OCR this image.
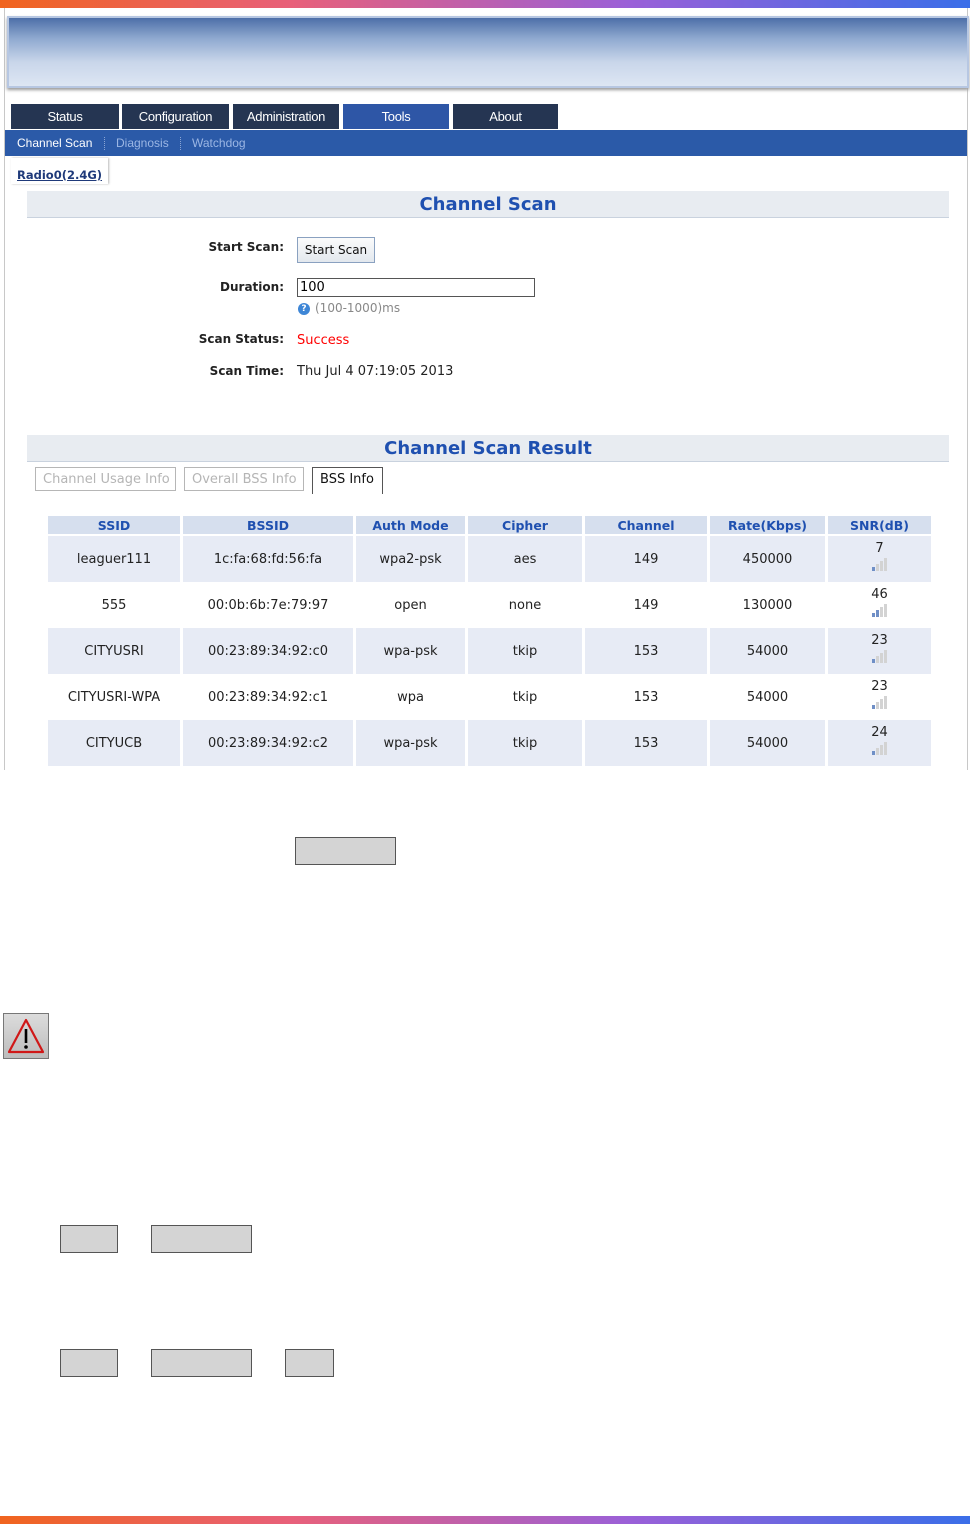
Status	Configuration	Administration	Tools	About
Channel Scan Diagnosis Watchdog
Radio0(2.4G)
Channel Scan
Start Scan:	Start Scan
Duration:
100
? (100-1000)ms
Scan Status: Success
Scan Time: Thu Jul 4 07:19:05 2013
Channel Scan Result
Channel Usage Info	Overall BSS Info	BSS Info
SSID	BSSID	Auth Mode	Cipher	Channel	Rate(Kbps)	SNR(dB)
leaguer111	1c:fa:68:fd:56:fa	wpa2-psk	aes	149	450000	7

555	00:0b:6b:7e:79:97	open	none	149	130000	46

CITYUSRI	00:23:89:34:92:c0	wpa-psk	tkip	153	54000	23

CITYUSRI-WPA	00:23:89:34:92:c1	wpa	tkip	153	54000	23

CITYUCB	00:23:89:34:92:c2	wpa-psk	tkip	153	54000	24
